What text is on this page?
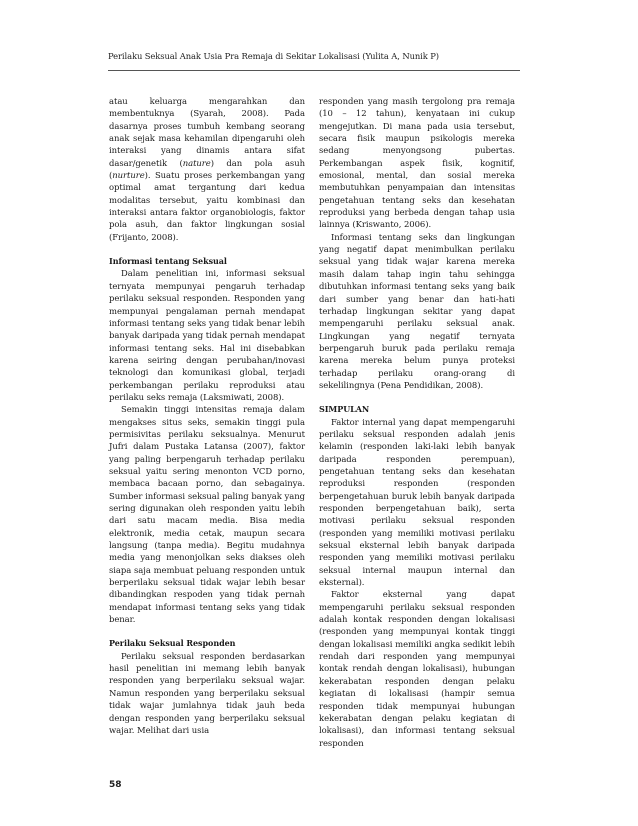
Perilaku Seksual Anak Usia Pra Remaja di Sekitar Lokalisasi (Yulita A, Nunik P)

atau keluarga mengarahkan dan membentuknya (Syarah, 2008). Pada dasarnya proses tumbuh kembang seorang anak sejak masa kehamilan dipengaruhi oleh interaksi yang dinamis antara sifat dasar/genetik (nature) dan pola asuh (nurture). Suatu proses perkembangan yang optimal amat tergantung dari kedua modalitas tersebut, yaitu kombinasi dan interaksi antara faktor organobiologis, faktor pola asuh, dan faktor lingkungan sosial (Frijanto, 2008).

Informasi tentang Seksual

Dalam penelitian ini, informasi seksual ternyata mempunyai pengaruh terhadap perilaku seksual responden. Responden yang mempunyai pengalaman pernah mendapat informasi tentang seks yang tidak benar lebih banyak daripada yang tidak pernah mendapat informasi tentang seks. Hal ini disebabkan karena seiring dengan perubahan/inovasi teknologi dan komunikasi global, terjadi perkembangan perilaku reproduksi atau perilaku seks remaja (Laksmiwati, 2008).

Semakin tinggi intensitas remaja dalam mengakses situs seks, semakin tinggi pula permisivitas perilaku seksualnya. Menurut Jufri dalam Pustaka Latansa (2007), faktor yang paling berpengaruh terhadap perilaku seksual yaitu sering menonton VCD porno, membaca bacaan porno, dan sebagainya. Sumber informasi seksual paling banyak yang sering digunakan oleh responden yaitu lebih dari satu macam media. Bisa media elektronik, media cetak, maupun secara langsung (tanpa media). Begitu mudahnya media yang menonjolkan seks diakses oleh siapa saja membuat peluang responden untuk berperilaku seksual tidak wajar lebih besar dibandingkan respoden yang tidak pernah mendapat informasi tentang seks yang tidak benar.

Perilaku Seksual Responden

Perilaku seksual responden berdasarkan hasil penelitian ini memang lebih banyak responden yang berperilaku seksual wajar. Namun responden yang berperilaku seksual tidak wajar jumlahnya tidak jauh beda dengan responden yang berperilaku seksual wajar. Melihat dari usia

responden yang masih tergolong pra remaja (10 – 12 tahun), kenyataan ini cukup mengejutkan. Di mana pada usia tersebut, secara fisik maupun psikologis mereka sedang menyongsong pubertas. Perkembangan aspek fisik, kognitif, emosional, mental, dan sosial mereka membutuhkan penyampaian dan intensitas pengetahuan tentang seks dan kesehatan reproduksi yang berbeda dengan tahap usia lainnya (Kriswanto, 2006).

Informasi tentang seks dan lingkungan yang negatif dapat menimbulkan perilaku seksual yang tidak wajar karena mereka masih dalam tahap ingin tahu sehingga dibutuhkan informasi tentang seks yang baik dari sumber yang benar dan hati-hati terhadap lingkungan sekitar yang dapat mempengaruhi perilaku seksual anak. Lingkungan yang negatif ternyata berpengaruh buruk pada perilaku remaja karena mereka belum punya proteksi terhadap perilaku orang-orang di sekelilingnya (Pena Pendidikan, 2008).

SIMPULAN

Faktor internal yang dapat mempengaruhi perilaku seksual responden adalah jenis kelamin (responden laki-laki lebih banyak daripada responden perempuan), pengetahuan tentang seks dan kesehatan reproduksi responden (responden berpengetahuan buruk lebih banyak daripada responden berpengetahuan baik), serta motivasi perilaku seksual responden (responden yang memiliki motivasi perilaku seksual eksternal lebih banyak daripada responden yang memiliki motivasi perilaku seksual internal maupun internal dan eksternal).

Faktor eksternal yang dapat mempengaruhi perilaku seksual responden adalah kontak responden dengan lokalisasi (responden yang mempunyai kontak tinggi dengan lokalisasi memiliki angka sedikit lebih rendah dari responden yang mempunyai kontak rendah dengan lokalisasi), hubungan kekerabatan responden dengan pelaku kegiatan di lokalisasi (hampir semua responden tidak mempunyai hubungan kekerabatan dengan pelaku kegiatan di lokalisasi), dan informasi tentang seksual responden

58
